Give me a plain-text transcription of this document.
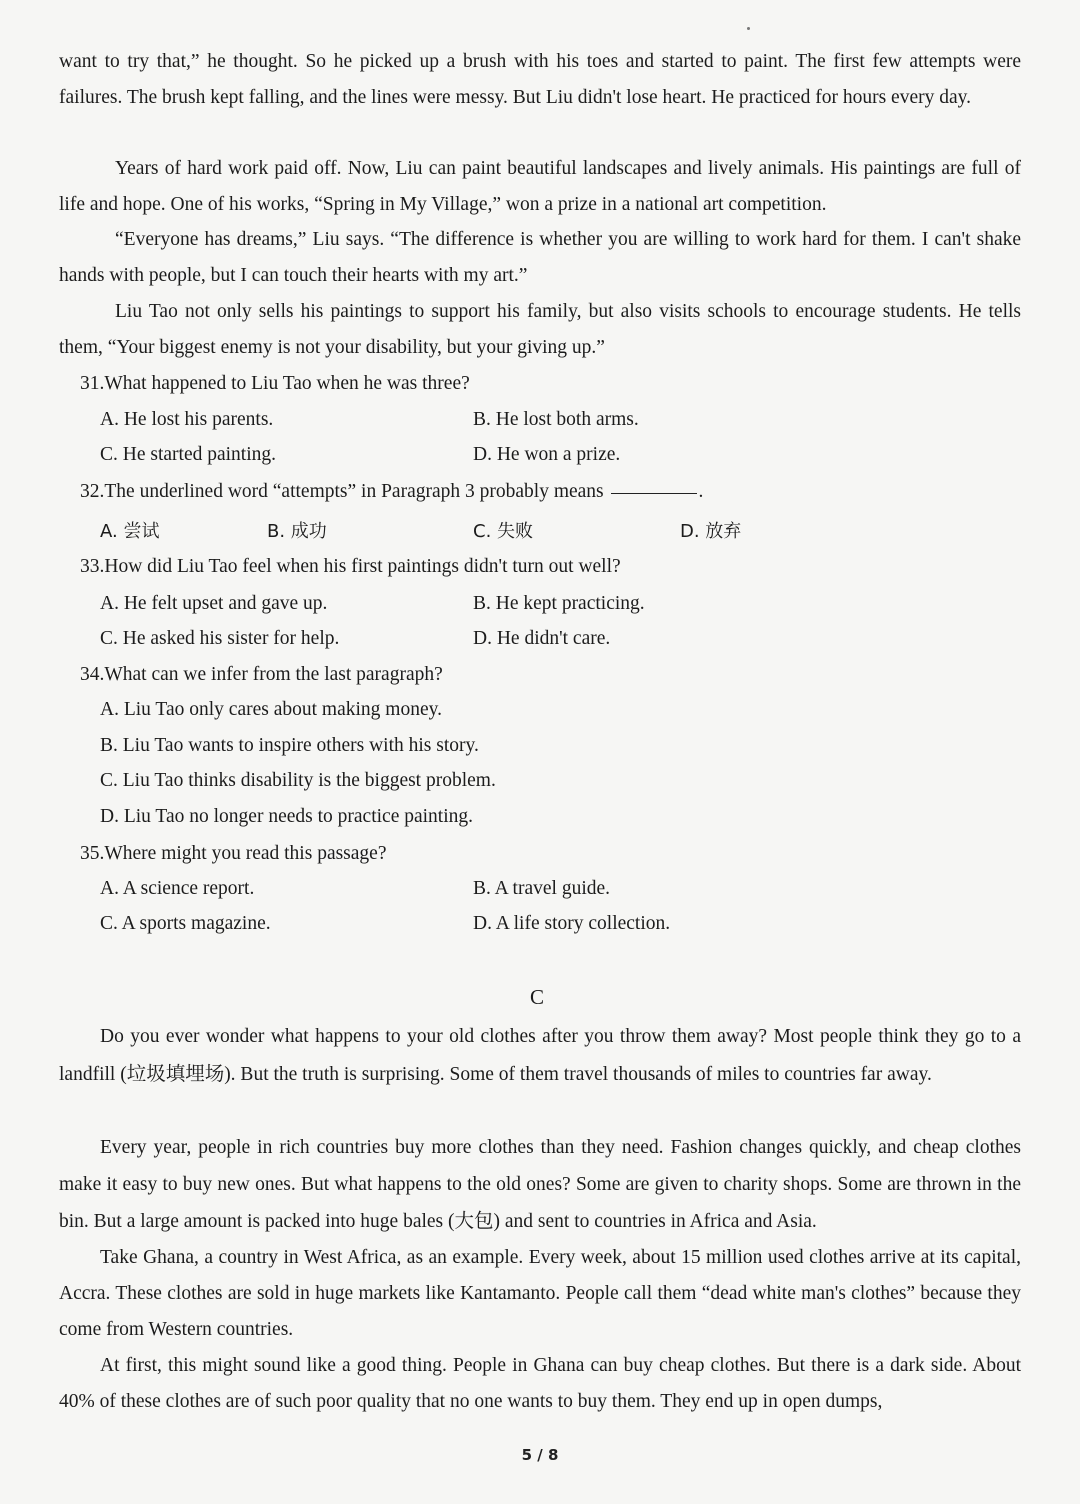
want to try that,” he thought. So he picked up a brush with his toes and started to paint. The first few attempts were failures. The brush kept falling, and the lines were messy. But Liu didn't lose heart. He practiced for hours every day.
Years of hard work paid off. Now, Liu can paint beautiful landscapes and lively animals. His paintings are full of life and hope. One of his works, “Spring in My Village,” won a prize in a national art competition.
“Everyone has dreams,” Liu says. “The difference is whether you are willing to work hard for them. I can't shake hands with people, but I can touch their hearts with my art.”
Liu Tao not only sells his paintings to support his family, but also visits schools to encourage students. He tells them, “Your biggest enemy is not your disability, but your giving up.”
31.What happened to Liu Tao when he was three?
A. He lost his parents.	B. He lost both arms.
C. He started painting.	D. He won a prize.
32.The underlined word “attempts” in Paragraph 3 probably means	.
A. 尝试	B. 成功	C. 失败	D. 放弃
33.How did Liu Tao feel when his first paintings didn't turn out well?
A. He felt upset and gave up.	B. He kept practicing.
C. He asked his sister for help.	D. He didn't care.
34.What can we infer from the last paragraph?
A. Liu Tao only cares about making money.
B. Liu Tao wants to inspire others with his story.
C. Liu Tao thinks disability is the biggest problem.
D. Liu Tao no longer needs to practice painting.
35.Where might you read this passage?
A. A science report.	B. A travel guide.
C. A sports magazine.	D. A life story collection.
C
Do you ever wonder what happens to your old clothes after you throw them away? Most people think they go to a landfill (垃圾填埋场). But the truth is surprising. Some of them travel thousands of miles to countries far away.
Every year, people in rich countries buy more clothes than they need. Fashion changes quickly, and cheap clothes make it easy to buy new ones. But what happens to the old ones? Some are given to charity shops. Some are thrown in the bin. But a large amount is packed into huge bales (大包) and sent to countries in Africa and Asia.
Take Ghana, a country in West Africa, as an example. Every week, about 15 million used clothes arrive at its capital, Accra. These clothes are sold in huge markets like Kantamanto. People call them “dead white man's clothes” because they come from Western countries.
At first, this might sound like a good thing. People in Ghana can buy cheap clothes. But there is a dark side. About 40% of these clothes are of such poor quality that no one wants to buy them. They end up in open dumps,
5 / 8
